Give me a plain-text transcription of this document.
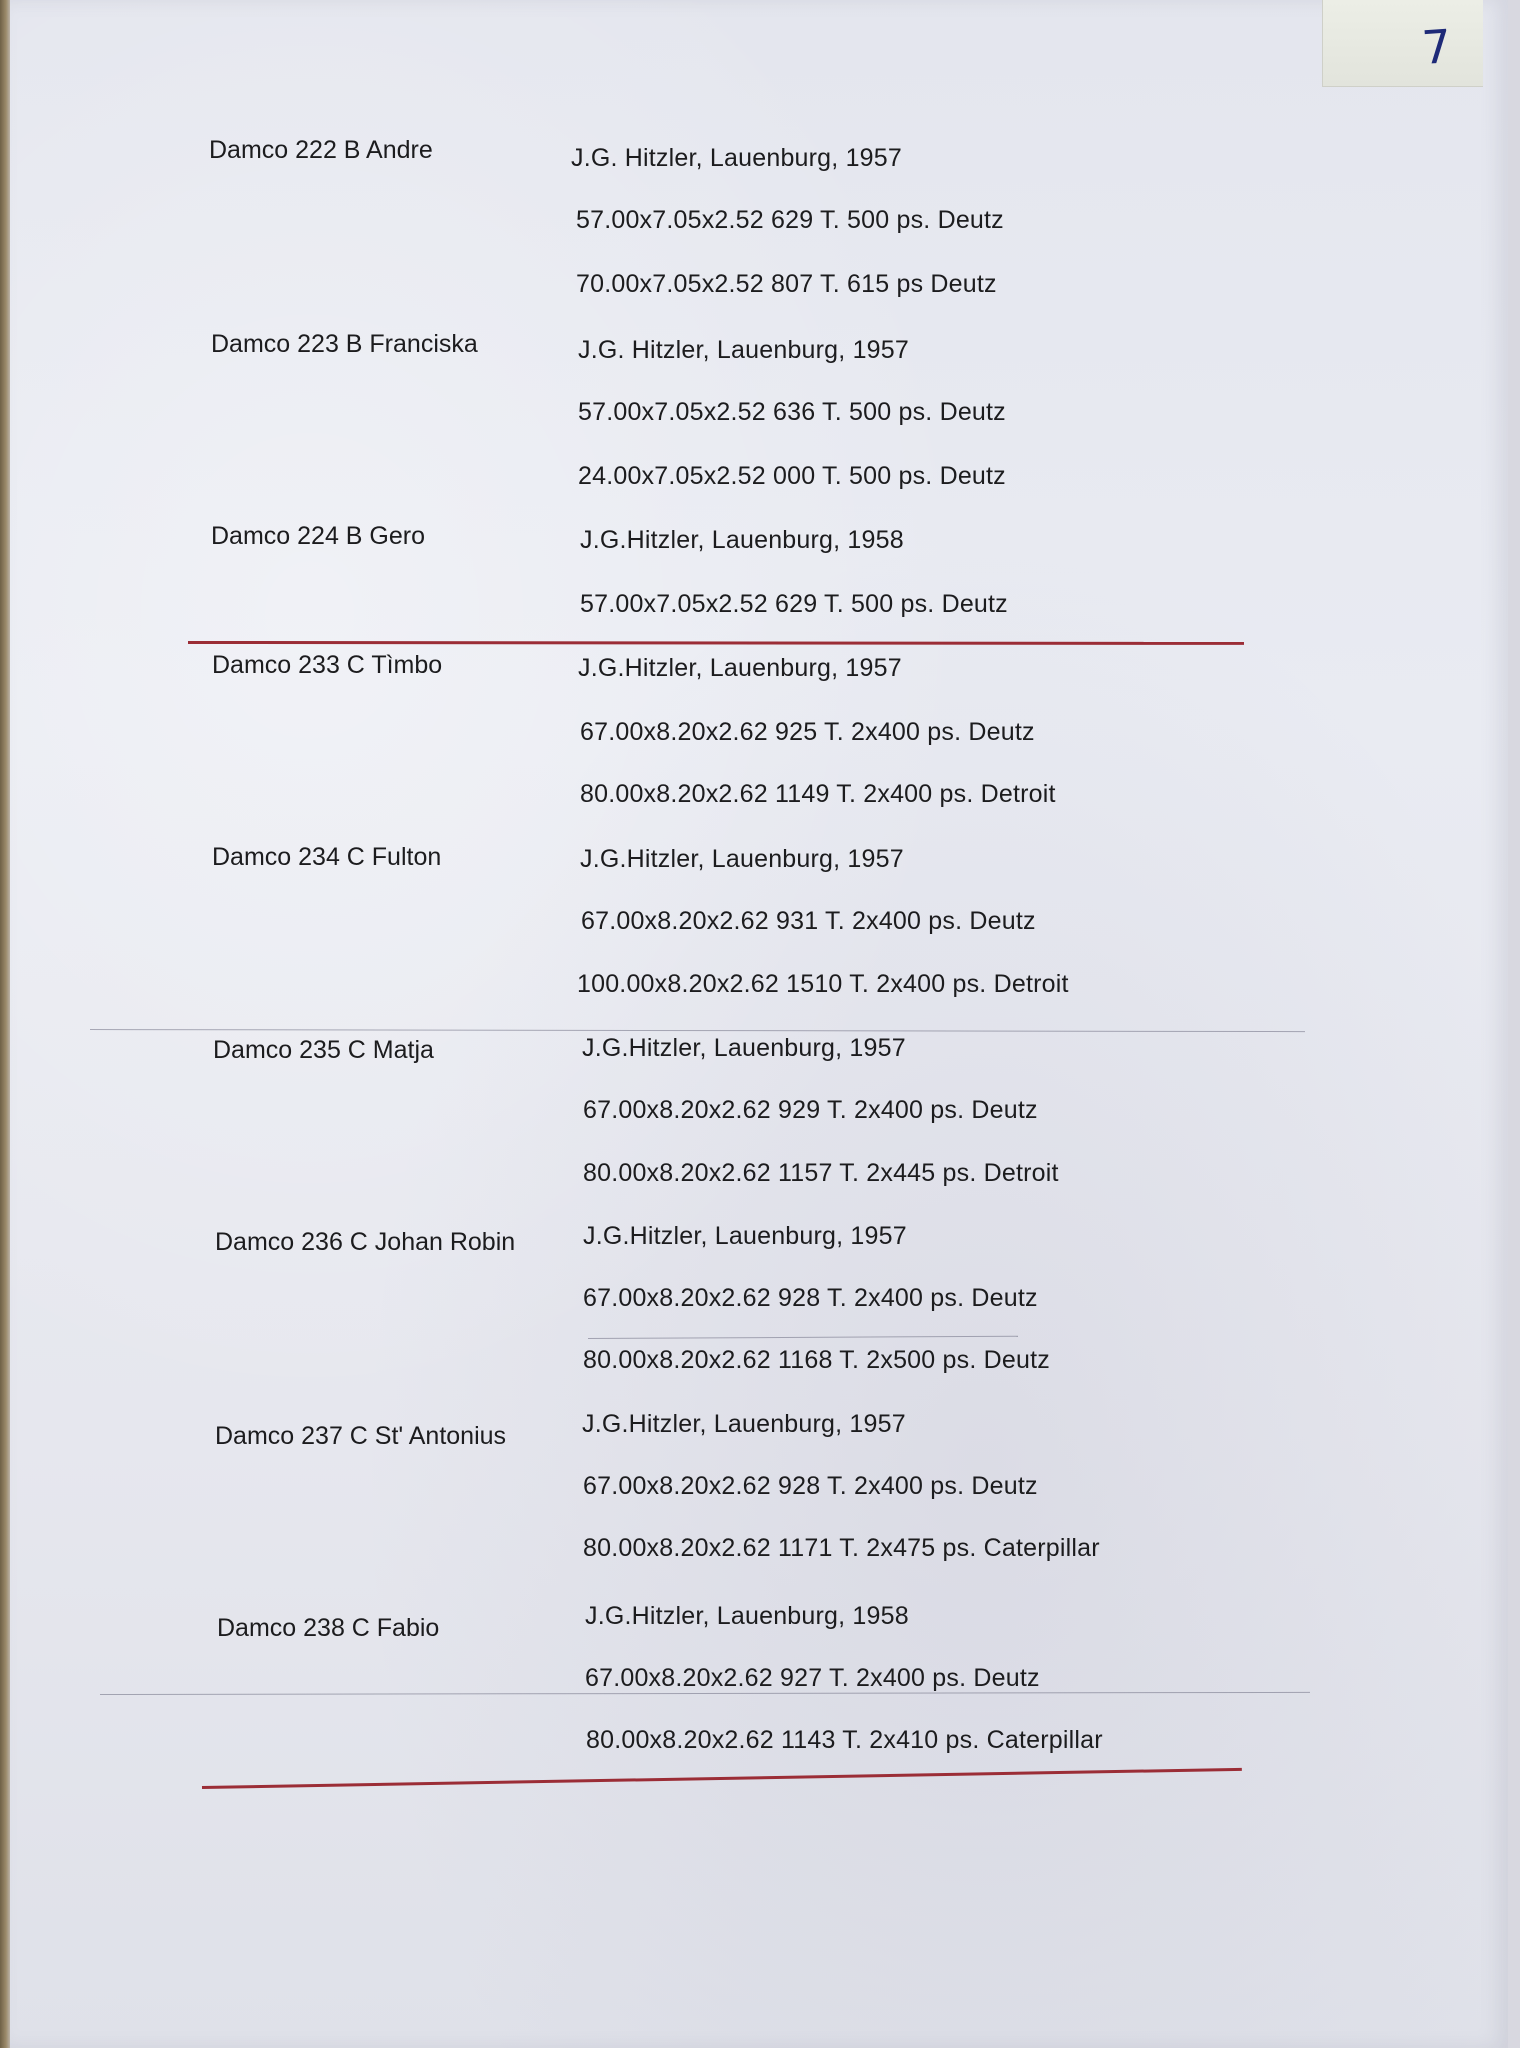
7
Damco 222 B Andre	J.G. Hitzler, Lauenburg, 1957
57.00x7.05x2.52 629 T. 500 ps. Deutz
70.00x7.05x2.52 807 T. 615 ps Deutz
Damco 223 B Franciska	J.G. Hitzler, Lauenburg, 1957
57.00x7.05x2.52 636 T. 500 ps. Deutz
24.00x7.05x2.52 000 T. 500 ps. Deutz
Damco 224 B Gero	J.G.Hitzler, Lauenburg, 1958
57.00x7.05x2.52 629 T. 500 ps. Deutz
Damco 233 C Tìmbo	J.G.Hitzler, Lauenburg, 1957
67.00x8.20x2.62 925 T. 2x400 ps. Deutz
80.00x8.20x2.62 1149 T. 2x400 ps. Detroit
Damco 234 C Fulton	J.G.Hitzler, Lauenburg, 1957
67.00x8.20x2.62 931 T. 2x400 ps. Deutz
100.00x8.20x2.62 1510 T. 2x400 ps. Detroit
Damco 235 C Matja	J.G.Hitzler, Lauenburg, 1957
67.00x8.20x2.62 929 T. 2x400 ps. Deutz
80.00x8.20x2.62 1157 T. 2x445 ps. Detroit
Damco 236 C Johan Robin	J.G.Hitzler, Lauenburg, 1957
67.00x8.20x2.62 928 T. 2x400 ps. Deutz
80.00x8.20x2.62 1168 T. 2x500 ps. Deutz
Damco 237 C St' Antonius	J.G.Hitzler, Lauenburg, 1957
67.00x8.20x2.62 928 T. 2x400 ps. Deutz
80.00x8.20x2.62 1171 T. 2x475 ps. Caterpillar
Damco 238 C Fabio	J.G.Hitzler, Lauenburg, 1958
67.00x8.20x2.62 927 T. 2x400 ps. Deutz
80.00x8.20x2.62 1143 T. 2x410 ps. Caterpillar
